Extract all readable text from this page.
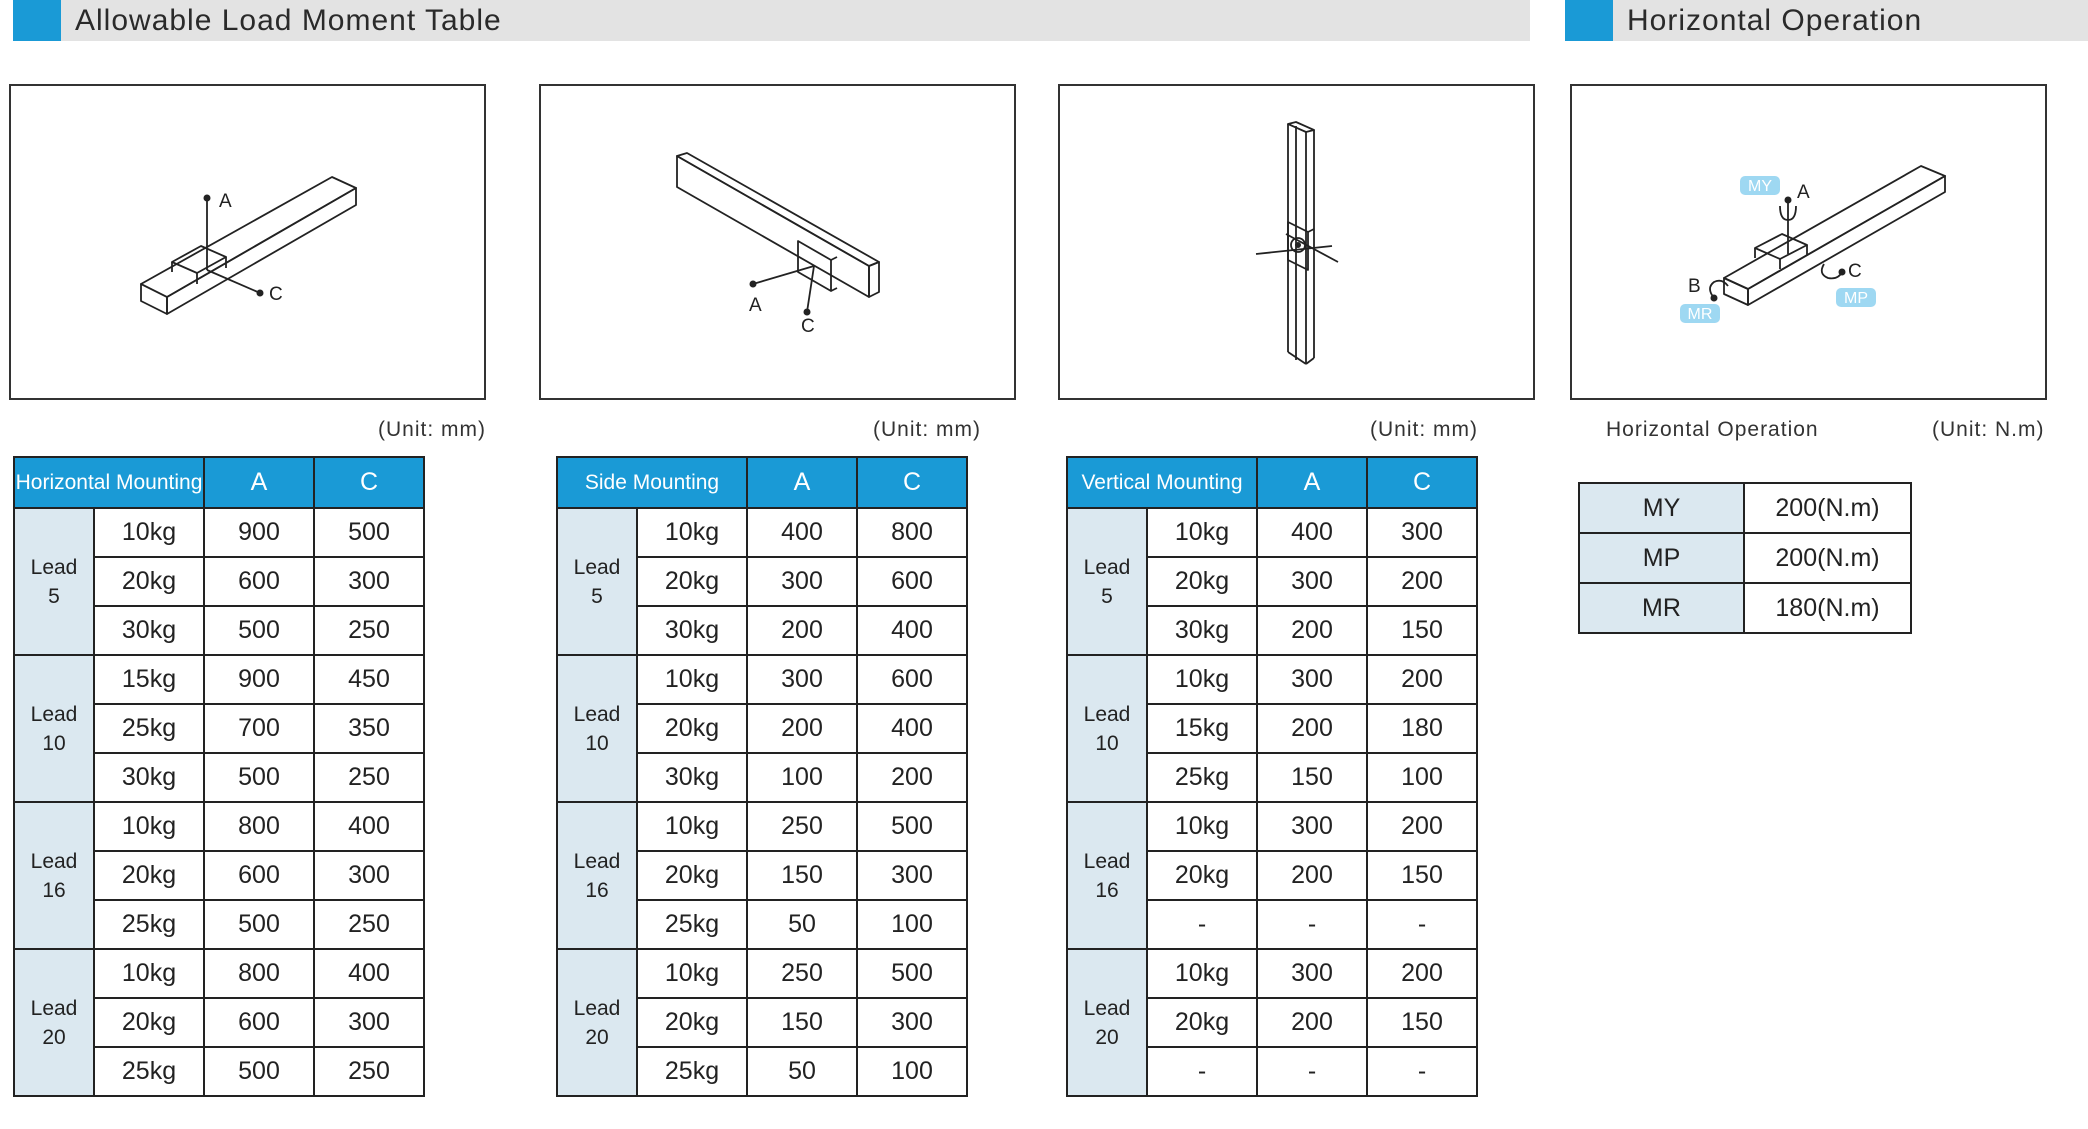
Allowable Load Moment Table	Horizontal Operation
A
C
A
C
A
C
B
MY
MR
MP
(Unit: mm)	(Unit: mm)	(Unit: mm)	Horizontal Operation	(Unit: N.m)
Horizontal Mounting		A	C

Lead
5	10kg	900	500
	20kg	600	300
	30kg	500	250

Lead
10	15kg	900	450
	25kg	700	350
	30kg	500	250

Lead
16	10kg	800	400
	20kg	600	300
	25kg	500	250

Lead
20	10kg	800	400
	20kg	600	300
	25kg	500	250
Side Mounting		A	C

Lead
5	10kg	400	800
	20kg	300	600
	30kg	200	400

Lead
10	10kg	300	600
	20kg	200	400
	30kg	100	200

Lead
16	10kg	250	500
	20kg	150	300
	25kg	50	100

Lead
20	10kg	250	500
	20kg	150	300
	25kg	50	100
Vertical Mounting		A	C

Lead
5	10kg	400	300
	20kg	300	200
	30kg	200	150

Lead
10	10kg	300	200
	15kg	200	180
	25kg	150	100

Lead
16	10kg	300	200
	20kg	200	150
	-	-	-

Lead
20	10kg	300	200
	20kg	200	150
	-	-	-
MY	200(N.m)
MP	200(N.m)
MR	180(N.m)
